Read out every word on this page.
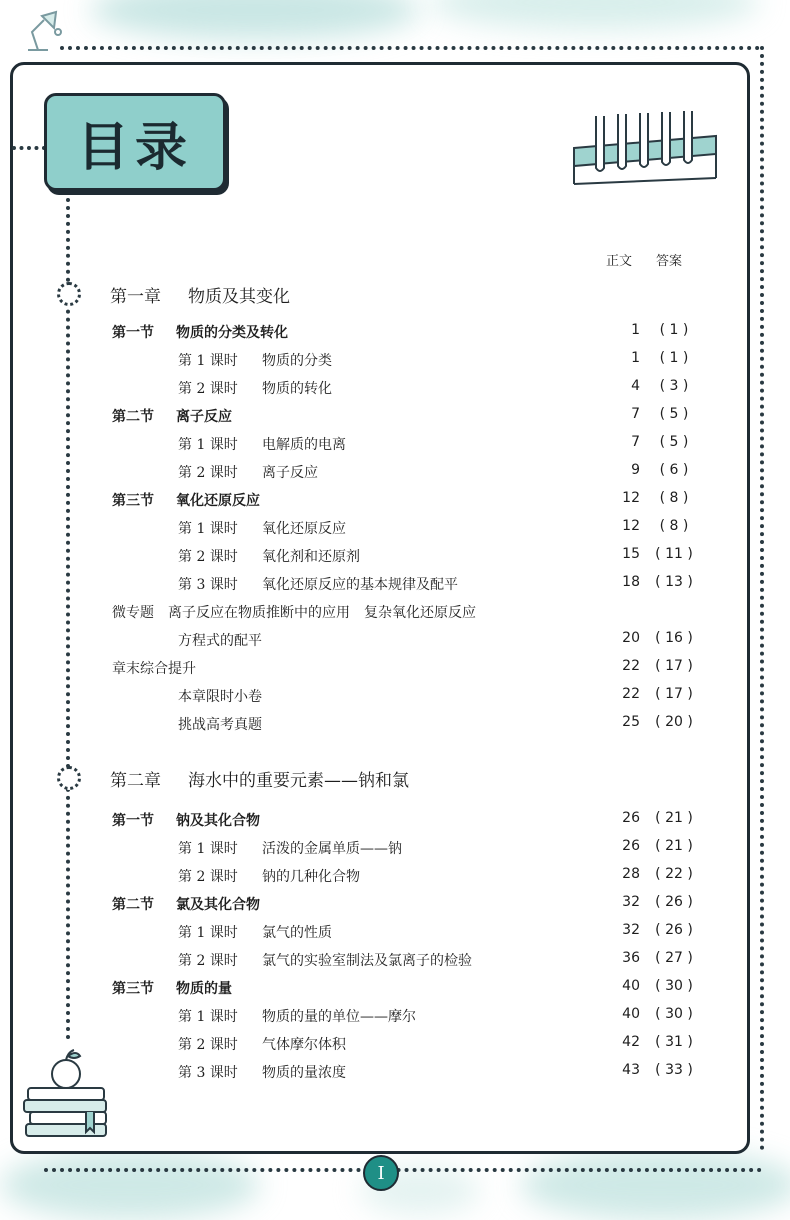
目录
正文 答案
第一章 物质及其变化
第一节 物质的分类及转化	1	( 1 )
第 1 课时 物质的分类	1	( 1 )
第 2 课时 物质的转化	4	( 3 )
第二节 离子反应	7	( 5 )
第 1 课时 电解质的电离	7	( 5 )
第 2 课时 离子反应	9	( 6 )
第三节 氧化还原反应	12	( 8 )
第 1 课时 氧化还原反应	12	( 8 )
第 2 课时 氧化剂和还原剂	15	( 11 )
第 3 课时 氧化还原反应的基本规律及配平	18	( 13 )
微专题　离子反应在物质推断中的应用　复杂氧化还原反应
方程式的配平	20	( 16 )
章末综合提升	22	( 17 )
本章限时小卷	22	( 17 )
挑战高考真题	25	( 20 )
第二章 海水中的重要元素——钠和氯
第一节 钠及其化合物	26	( 21 )
第 1 课时 活泼的金属单质——钠	26	( 21 )
第 2 课时 钠的几种化合物	28	( 22 )
第二节 氯及其化合物	32	( 26 )
第 1 课时 氯气的性质	32	( 26 )
第 2 课时 氯气的实验室制法及氯离子的检验	36	( 27 )
第三节 物质的量	40	( 30 )
第 1 课时 物质的量的单位——摩尔	40	( 30 )
第 2 课时 气体摩尔体积	42	( 31 )
第 3 课时 物质的量浓度	43	( 33 )
I
